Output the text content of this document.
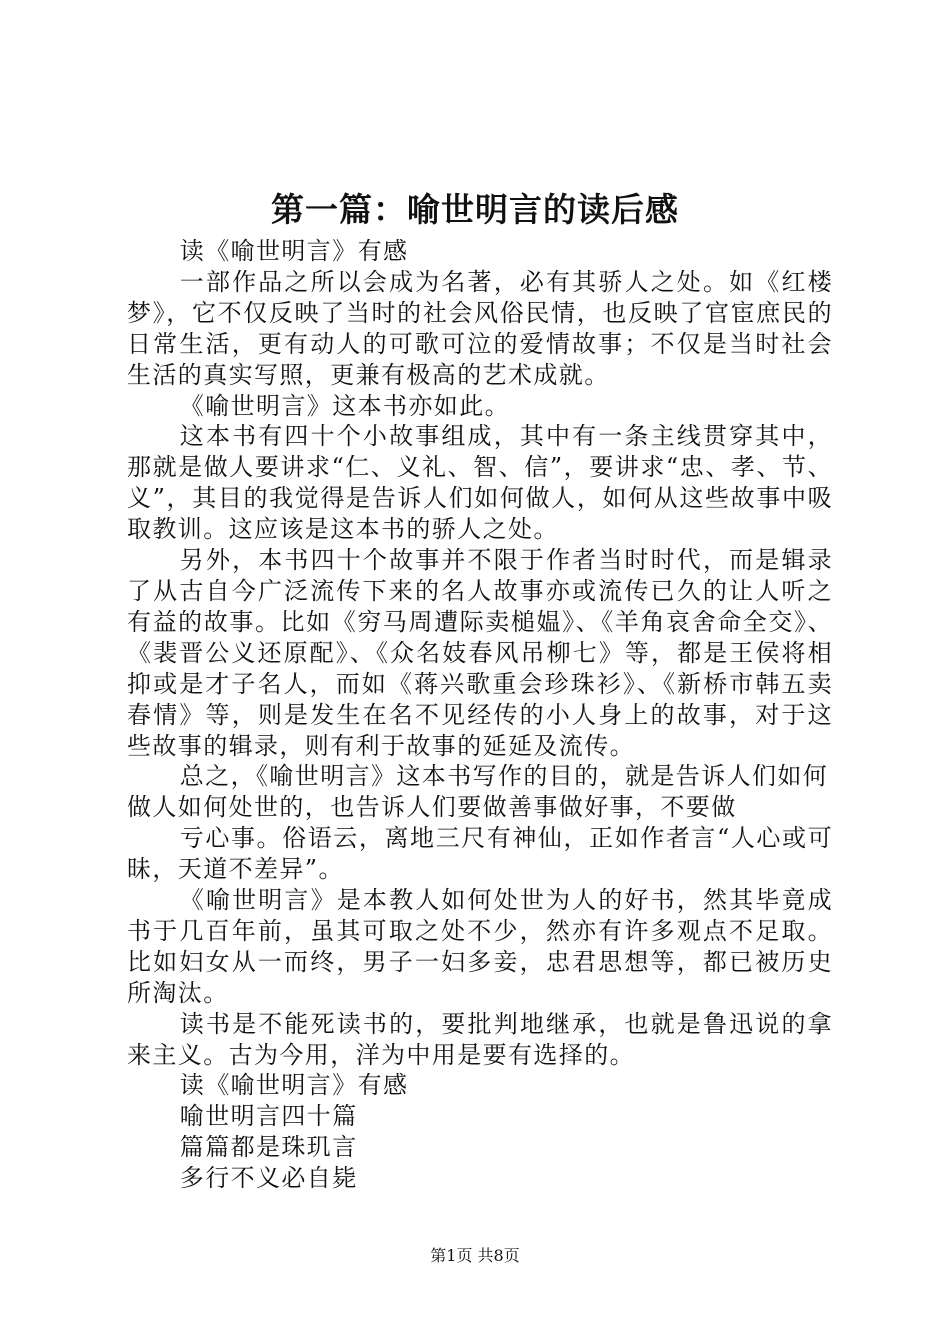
第一篇：喻世明言的读后感

读《喻世明言》有感

一部作品之所以会成为名著，必有其骄人之处。如《红楼梦》，它不仅反映了当时的社会风俗民情，也反映了官宦庶民的日常生活，更有动人的可歌可泣的爱情故事；不仅是当时社会生活的真实写照，更兼有极高的艺术成就。

《喻世明言》这本书亦如此。

这本书有四十个小故事组成，其中有一条主线贯穿其中，那就是做人要讲求“仁、义礼、智、信”，要讲求“忠、孝、节、义”，其目的我觉得是告诉人们如何做人，如何从这些故事中吸取教训。这应该是这本书的骄人之处。

另外，本书四十个故事并不限于作者当时时代，而是辑录了从古自今广泛流传下来的名人故事亦或流传已久的让人听之有益的故事。比如《穷马周遭际卖槌媪》、《羊角哀舍命全交》、《裴晋公义还原配》、《众名妓春风吊柳七》等，都是王侯将相抑或是才子名人，而如《蒋兴歌重会珍珠衫》、《新桥市韩五卖春情》等，则是发生在名不见经传的小人身上的故事，对于这些故事的辑录，则有利于故事的延延及流传。

总之，《喻世明言》这本书写作的目的，就是告诉人们如何做人如何处世的，也告诉人们要做善事做好事，不要做

亏心事。俗语云，离地三尺有神仙，正如作者言“人心或可昧，天道不差异”。

《喻世明言》是本教人如何处世为人的好书，然其毕竟成书于几百年前，虽其可取之处不少，然亦有许多观点不足取。比如妇女从一而终，男子一妇多妾，忠君思想等，都已被历史所淘汰。

读书是不能死读书的，要批判地继承，也就是鲁迅说的拿来主义。古为今用，洋为中用是要有选择的。

读《喻世明言》有感

喻世明言四十篇

篇篇都是珠玑言

多行不义必自毙

第1页 共8页
